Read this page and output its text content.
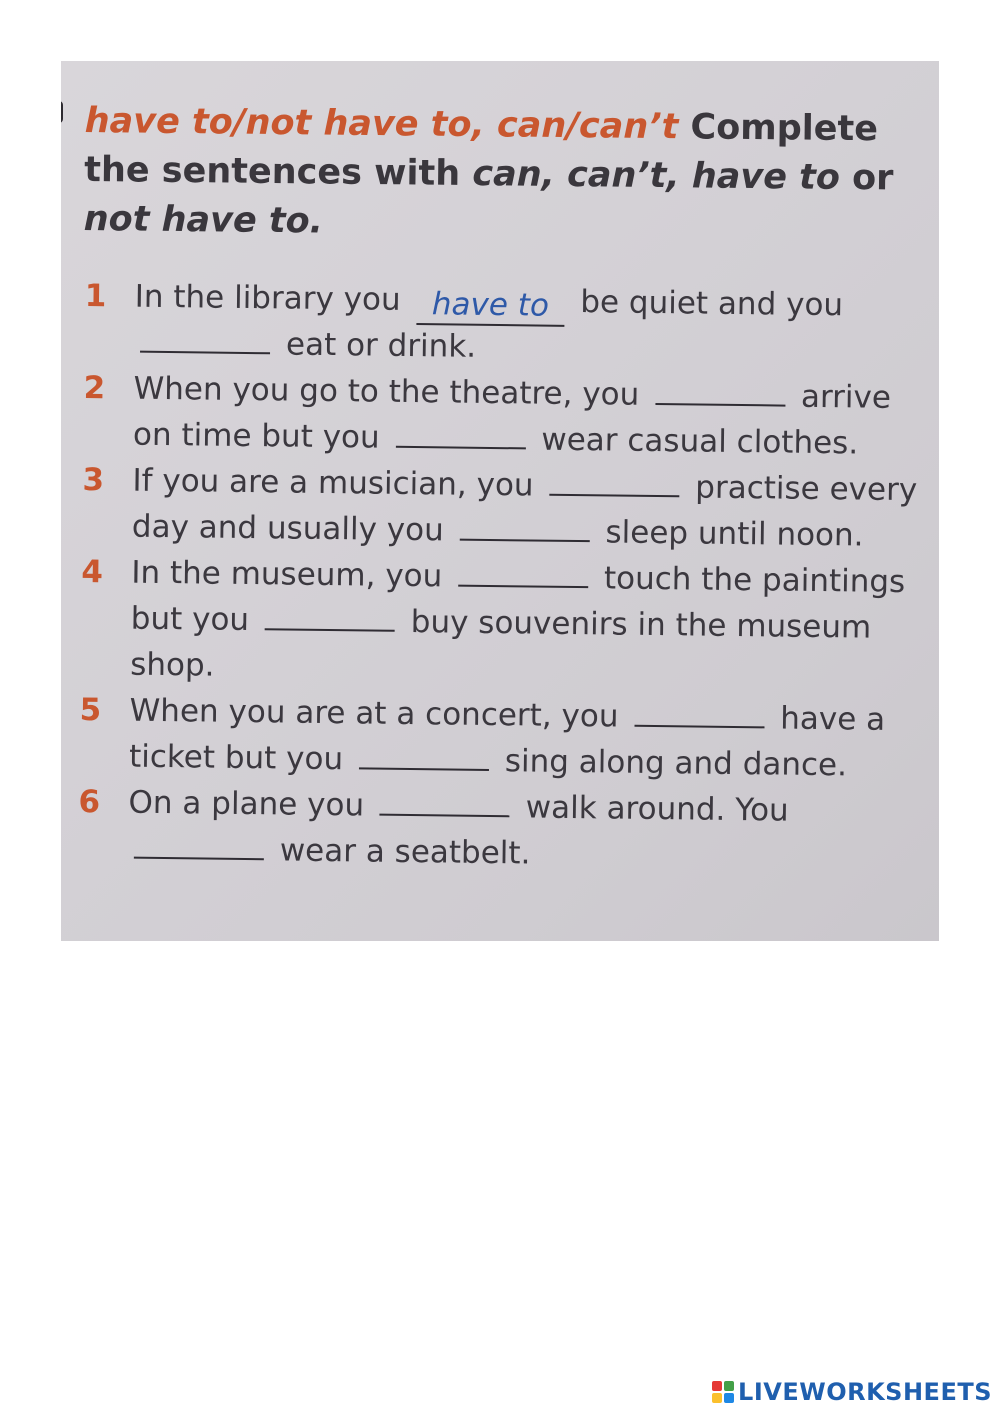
have to/not have to, can/can’t Complete the sentences with can, can’t, have to or not have to.
1 In the library you have to be quiet and you  eat or drink.
2 When you go to the theatre, you	arrive on time but you	wear casual clothes.
3 If you are a musician, you	practise every day and usually you	sleep until noon.
4 In the museum, you	touch the paintings but you	buy souvenirs in the museum shop.
5 When you are at a concert, you	have a ticket but you	sing along and dance.
6 On a plane you	walk around. You  wear a seatbelt.
LIVEWORKSHEETS
